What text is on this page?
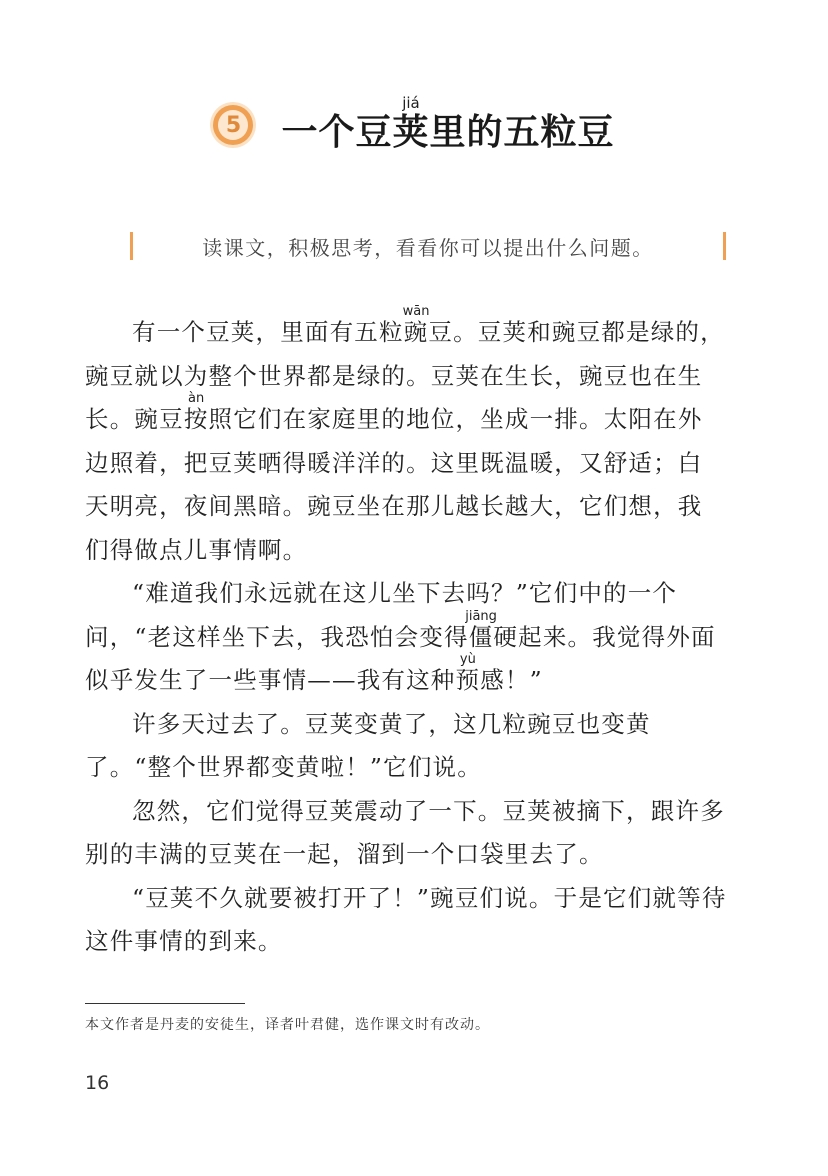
5 一个豆荚jiá里的五粒豆
读课文，积极思考，看看你可以提出什么问题。

有一个豆荚，里面有五粒豌wān豆。豆荚和豌豆都是绿的，豌豆就以为整个世界都是绿的。豆荚在生长，豌豆也在生长。豌豆按àn照它们在家庭里的地位，坐成一排。太阳在外边照着，把豆荚晒得暖洋洋的。这里既温暖，又舒适；白天明亮，夜间黑暗。豌豆坐在那儿越长越大，它们想，我们得做点儿事情啊。

“难道我们永远就在这儿坐下去吗？”它们中的一个问，“老这样坐下去，我恐怕会变得僵jiāng硬起来。我觉得外面似乎发生了一些事情——我有这种预yù感！”

许多天过去了。豆荚变黄了，这几粒豌豆也变黄了。“整个世界都变黄啦！”它们说。

忽然，它们觉得豆荚震动了一下。豆荚被摘下，跟许多别的丰满的豆荚在一起，溜到一个口袋里去了。

“豆荚不久就要被打开了！”豌豆们说。于是它们就等待这件事情的到来。

本文作者是丹麦的安徒生，译者叶君健，选作课文时有改动。
16
